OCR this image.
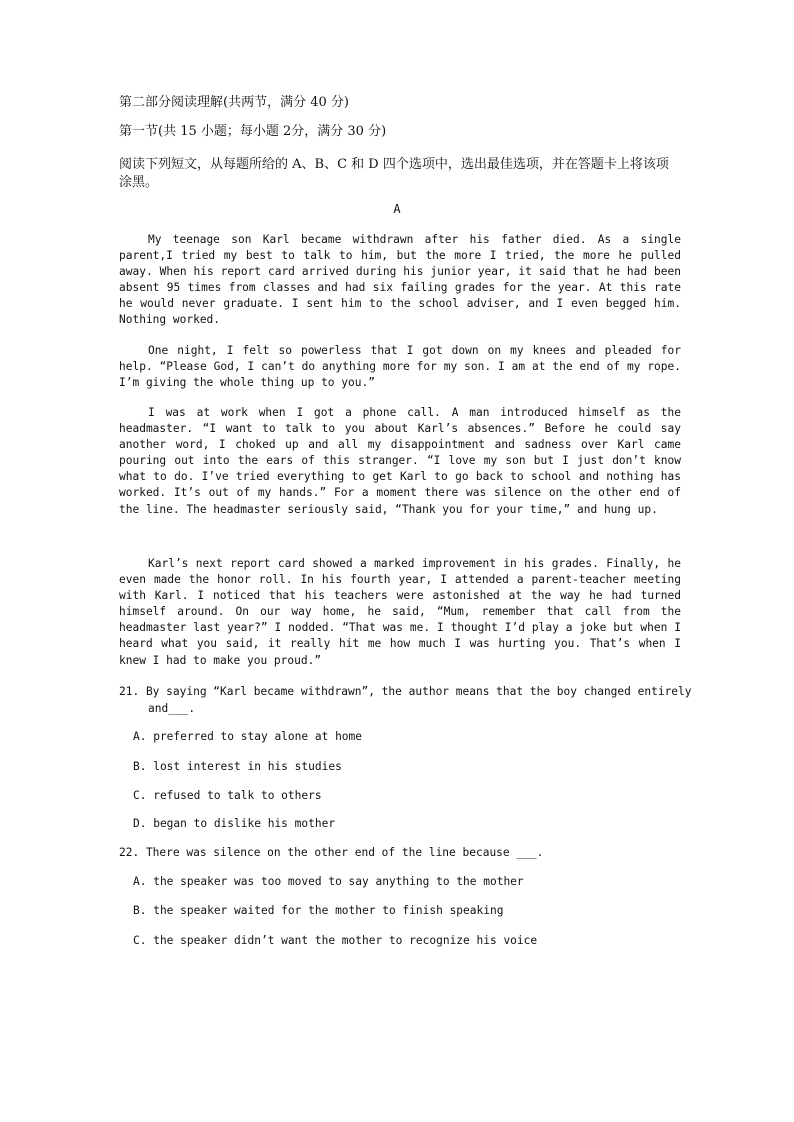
第二部分阅读理解(共两节，满分 40 分)
第一节(共 15 小题；每小题 2分，满分 30 分)
阅读下列短文，从每题所给的 A、B、C 和 D 四个选项中，选出最佳选项，并在答题卡上将该项涂黑。
A

My teenage son Karl became withdrawn after his father died. As a single parent,I tried my best to talk to him, but the more I tried, the more he pulled away. When his report card arrived during his junior year, it said that he had been absent 95 times from classes and had six failing grades for the year. At this rate he would never graduate. I sent him to the school adviser, and I even begged him. Nothing worked.

One night, I felt so powerless that I got down on my knees and pleaded for help. “Please God, I can’t do anything more for my son. I am at the end of my rope. I’m giving the whole thing up to you.”

I was at work when I got a phone call. A man introduced himself as the headmaster. “I want to talk to you about Karl’s absences.” Before he could say another word, I choked up and all my disappointment and sadness over Karl came pouring out into the ears of this stranger. “I love my son but I just don’t know what to do. I’ve tried everything to get Karl to go back to school and nothing has worked. It’s out of my hands.” For a moment there was silence on the other end of the line. The headmaster seriously said, “Thank you for your time,” and hung up.

Karl’s next report card showed a marked improvement in his grades. Finally, he even made the honor roll. In his fourth year, I attended a parent-teacher meeting with Karl. I noticed that his teachers were astonished at the way he had turned himself around. On our way home, he said, “Mum, remember that call from the headmaster last year?” I nodded. “That was me. I thought I’d play a joke but when I heard what you said, it really hit me how much I was hurting you. That’s when I knew I had to make you proud.”

21. By saying “Karl became withdrawn”, the author means that the boy changed entirely and___.
A. preferred to stay alone at home
B. lost interest in his studies
C. refused to talk to others
D. began to dislike his mother
22. There was silence on the other end of the line because ___.
A. the speaker was too moved to say anything to the mother
B. the speaker waited for the mother to finish speaking
C. the speaker didn’t want the mother to recognize his voice
